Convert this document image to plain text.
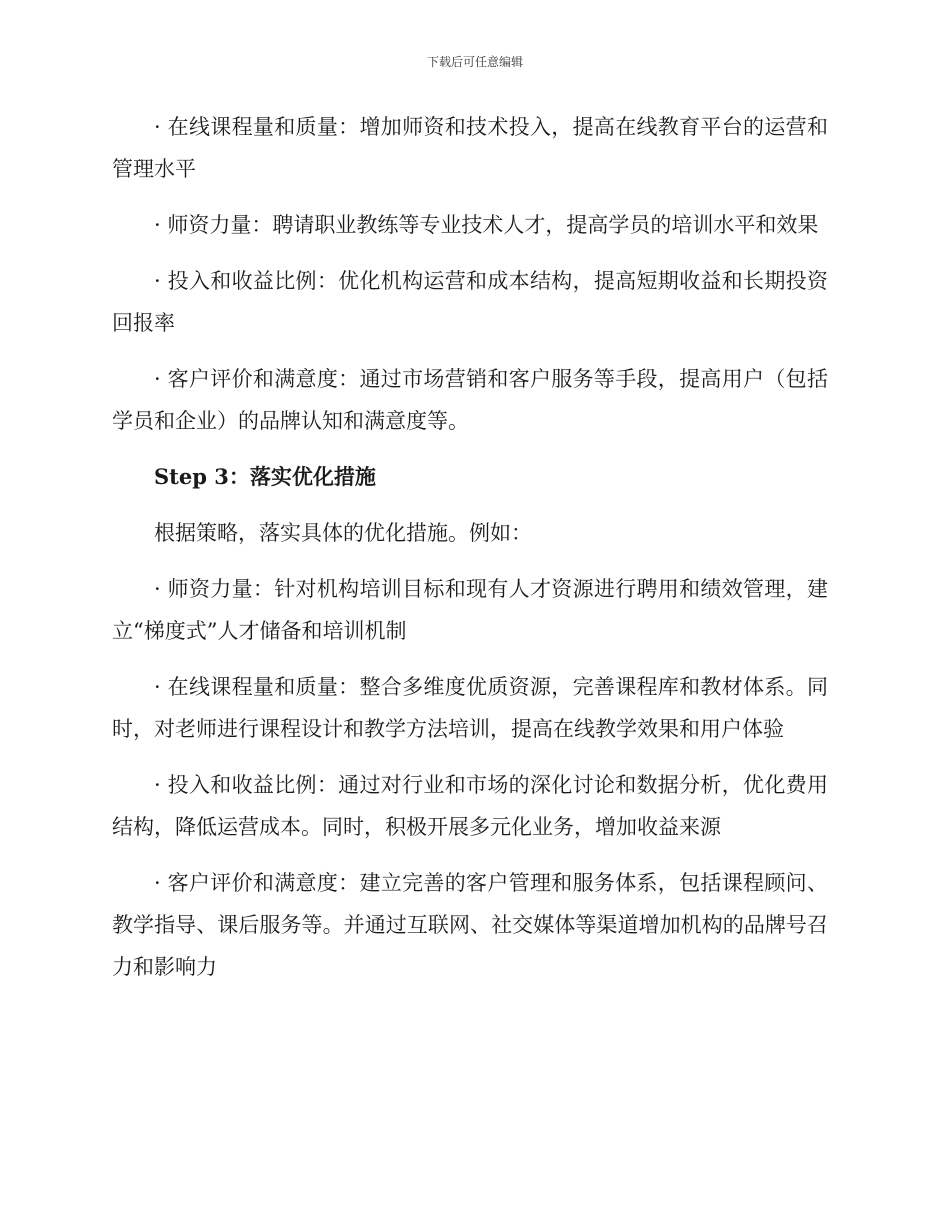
下载后可任意编辑

· 在线课程量和质量：增加师资和技术投入，提高在线教育平台的运营和管理水平

· 师资力量：聘请职业教练等专业技术人才，提高学员的培训水平和效果

· 投入和收益比例：优化机构运营和成本结构，提高短期收益和长期投资回报率

· 客户评价和满意度：通过市场营销和客户服务等手段，提高用户（包括学员和企业）的品牌认知和满意度等。

Step 3：落实优化措施

根据策略，落实具体的优化措施。例如：

· 师资力量：针对机构培训目标和现有人才资源进行聘用和绩效管理，建立“梯度式”人才储备和培训机制

· 在线课程量和质量：整合多维度优质资源，完善课程库和教材体系。同时，对老师进行课程设计和教学方法培训，提高在线教学效果和用户体验

· 投入和收益比例：通过对行业和市场的深化讨论和数据分析，优化费用结构，降低运营成本。同时，积极开展多元化业务，增加收益来源

· 客户评价和满意度：建立完善的客户管理和服务体系，包括课程顾问、教学指导、课后服务等。并通过互联网、社交媒体等渠道增加机构的品牌号召力和影响力
